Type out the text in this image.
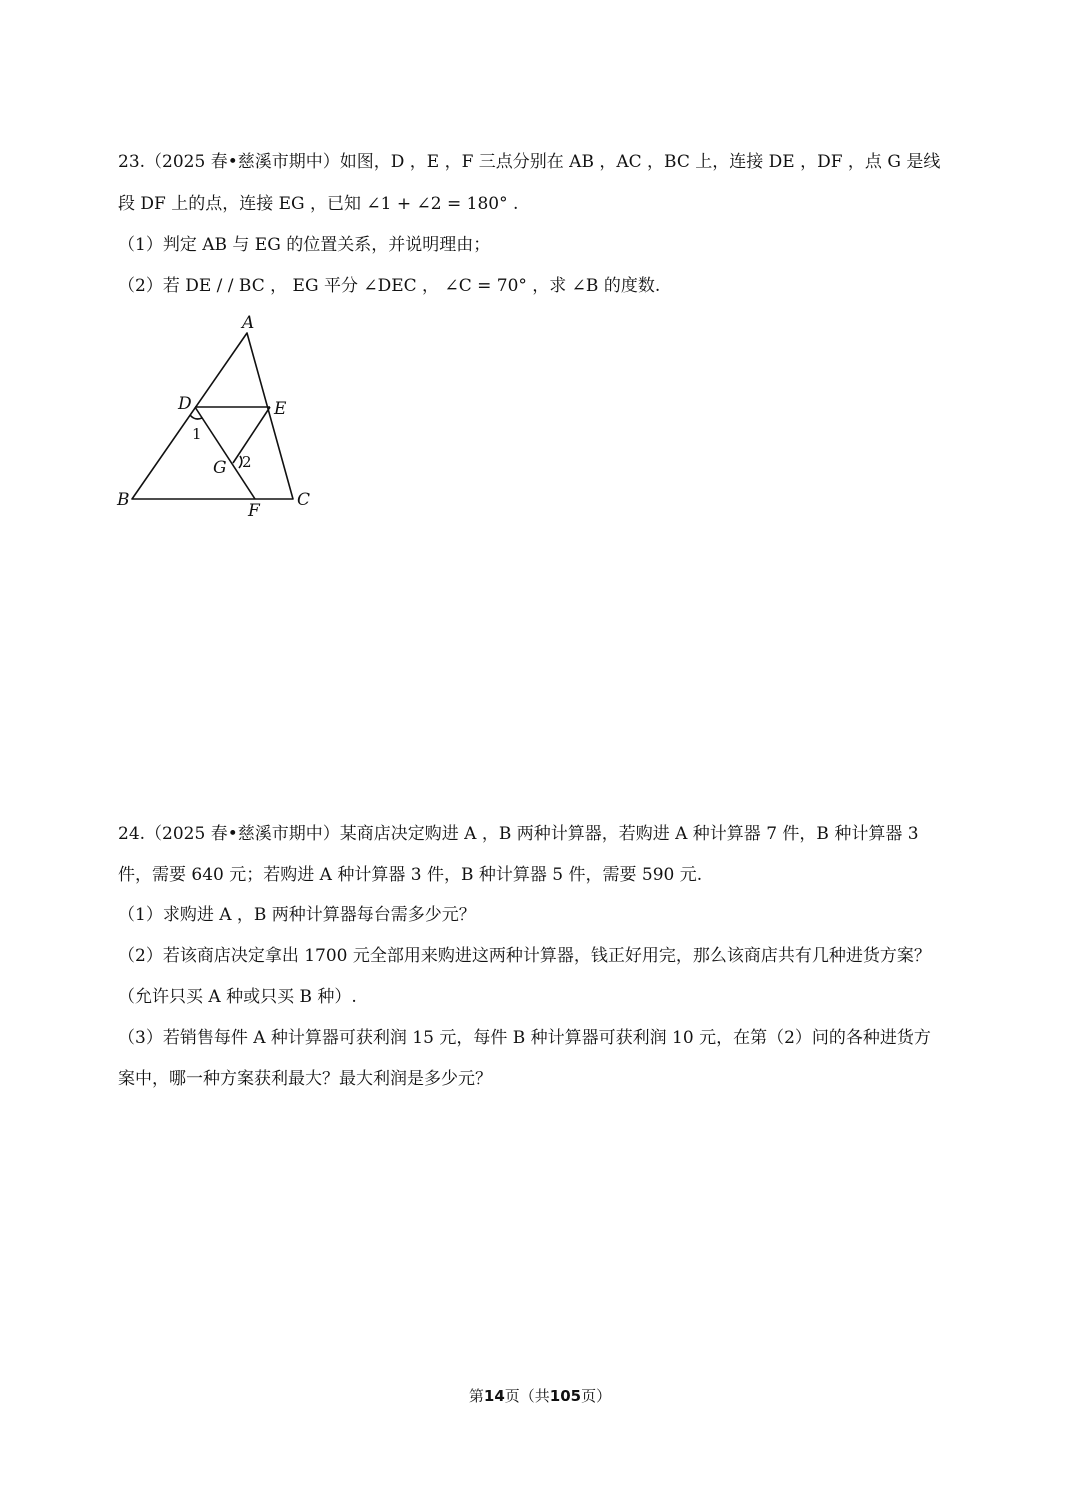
23.（2025 春•慈溪市期中）如图，D ，E ，F 三点分别在 AB ，AC ，BC 上，连接 DE ，DF ，点 G 是线
段 DF 上的点，连接 EG ，已知 ∠1 + ∠2 = 180° .
（1）判定 AB 与 EG 的位置关系，并说明理由；
（2）若 DE / / BC ， EG 平分 ∠DEC ， ∠C = 70° ，求 ∠B 的度数.
A
D	E
1
G 2
B
F
C
24.（2025 春•慈溪市期中）某商店决定购进 A ，B 两种计算器，若购进 A 种计算器 7 件，B 种计算器 3
件，需要 640 元；若购进 A 种计算器 3 件，B 种计算器 5 件，需要 590 元.
（1）求购进 A ，B 两种计算器每台需多少元？
（2）若该商店决定拿出 1700 元全部用来购进这两种计算器，钱正好用完，那么该商店共有几种进货方案？
（允许只买 A 种或只买 B 种）.
（3）若销售每件 A 种计算器可获利润 15 元，每件 B 种计算器可获利润 10 元，在第（2）问的各种进货方
案中，哪一种方案获利最大？最大利润是多少元？
第14页（共105页）
